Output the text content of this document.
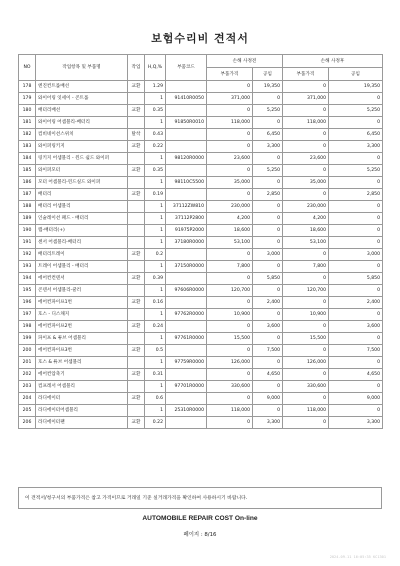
보험수리비 견적서
NO	작업항목 및 부품명	작업	H,Q,%	부품코드	손해 사정전		손해 사정후	
					부품가격	공임	부품가격	공임
178	엔진컨트롤배선	교환	1.29		0	19,350	0	19,350
179	와이어링 잇세이 - 콘트롤		1	91410R0050	371,000	0	371,000	0
180	배터리배선	교환	0.35		0	5,250	0	5,250
181	와이어링 어셈블리-배터리		1	91850R0010	118,000	0	118,000	0
182	컴비네이션스위치	탈착	0.43		0	6,450	0	6,450
183	와이퍼링키지	교환	0.22		0	3,300	0	3,300
184	링키지 어셈블리 - 윈드 쉴드 와이퍼		1	98120R0000	23,600	0	23,600	0
185	와이퍼모터	교환	0.35		0	5,250	0	5,250
186	모터 어셈블리-윈드실드 와이퍼		1	98110C5500	35,000	0	35,000	0
187	배터리	교환	0.19		0	2,850	0	2,850
188	배터리 어셈블리		1	37112ZW810	230,000	0	230,000	0
189	인슐레이션 패드 - 배터리		1	37112P2800	4,200	0	4,200	0
190	랩-배터리(+)		1	91975P2000	18,600	0	18,600	0
191	센서 어셈블리-배터리		1	37180R0000	53,100	0	53,100	0
192	배터리트레이	교환	0.2		0	3,000	0	3,000
193	트레이 어셈블리 - 배터리		1	37150R0000	7,800	0	7,800	0
194	에어컨컨덴서	교환	0.39		0	5,850	0	5,850
195	콘덴서 어셈블리-쿨러		1	97606R0000	120,700	0	120,700	0
196	에어컨파이프1번	교환	0.16		0	2,400	0	2,400
197	호스 - 디스채지		1	97762R0000	10,900	0	10,900	0
198	에어컨파이프2번	교환	0.24		0	3,600	0	3,600
199	파이프 & 튜브 어셈블리		1	97761R0000	15,500	0	15,500	0
200	에어컨파이프3번	교환	0.5		0	7,500	0	7,500
201	호스 & 튜브 어셈블리		1	97759R0000	126,000	0	126,000	0
202	에어컨압축기	교환	0.31		0	4,650	0	4,650
203	컴프레서 어셈블리		1	97701R0000	330,600	0	330,600	0
204	라디에이터	교환	0.6		0	9,000	0	9,000
205	라디에이터어셈블리		1	25310R0000	118,000	0	118,000	0
206	라디에이터팬	교환	0.22		0	3,300	0	3,300
이 견적서/청구서의 부품가격은 참고 가격이므로 거래일 기준 실거래가격을 확인하여 사용하시기 바랍니다.
AUTOMOBILE REPAIR COST On-line
페이지 : 8/16
2024-09-11 16:05:35 KC1301
